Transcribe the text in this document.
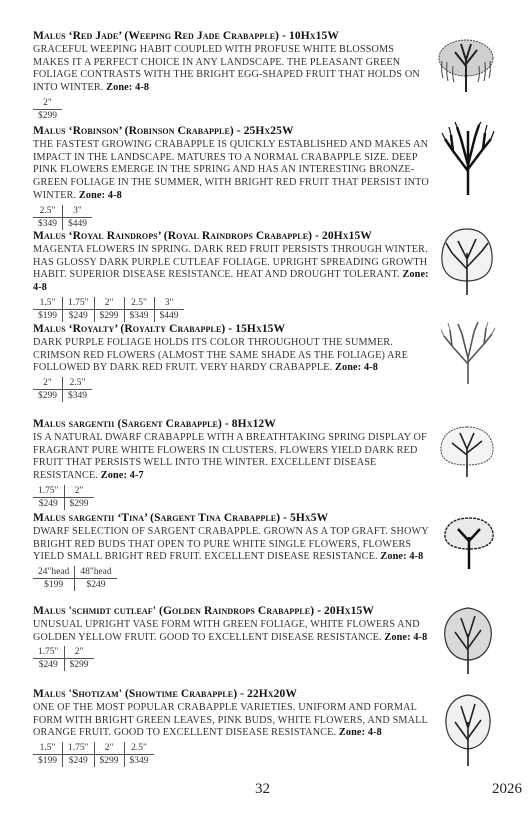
Malus ‘Red Jade’ (Weeping Red Jade Crabapple) - 10Hx15W
GRACEFUL WEEPING HABIT COUPLED WITH PROFUSE WHITE BLOSSOMS MAKES IT A PERFECT CHOICE IN ANY LANDSCAPE. THE PLEASANT GREEN FOLIAGE CONTRASTS WITH THE BRIGHT EGG-SHAPED FRUIT THAT HOLDS ON INTO WINTER. Zone: 4-8
2"
$299
Malus ‘Robinson’ (Robinson Crabapple) - 25Hx25W
THE FASTEST GROWING CRABAPPLE IS QUICKLY ESTABLISHED AND MAKES AN IMPACT IN THE LANDSCAPE. MATURES TO A NORMAL CRABAPPLE SIZE. DEEP PINK FLOWERS EMERGE IN THE SPRING AND HAS AN INTERESTING BRONZE-GREEN FOLIAGE IN THE SUMMER, WITH BRIGHT RED FRUIT THAT PERSIST INTO WINTER. Zone: 4-8
2.5"	3"
$349	$449
Malus ‘Royal Raindrops’ (Royal Raindrops Crabapple) - 20Hx15W
MAGENTA FLOWERS IN SPRING. DARK RED FRUIT PERSISTS THROUGH WINTER. HAS GLOSSY DARK PURPLE CUTLEAF FOLIAGE. UPRIGHT SPREADING GROWTH HABIT. SUPERIOR DISEASE RESISTANCE. HEAT AND DROUGHT TOLERANT. Zone: 4-8
1.5"	1.75"	2"	2.5"	3"
$199	$249	$299	$349	$449
Malus ‘Royalty’ (Royalty Crabapple) - 15Hx15W
DARK PURPLE FOLIAGE HOLDS ITS COLOR THROUGHOUT THE SUMMER. CRIMSON RED FLOWERS (ALMOST THE SAME SHADE AS THE FOLIAGE) ARE FOLLOWED BY DARK RED FRUIT. VERY HARDY CRABAPPLE. Zone: 4-8
2"	2.5"
$299	$349
Malus sargentii (Sargent Crabapple) - 8Hx12W
IS A NATURAL DWARF CRABAPPLE WITH A BREATHTAKING SPRING DISPLAY OF FRAGRANT PURE WHITE FLOWERS IN CLUSTERS. FLOWERS YIELD DARK RED FRUIT THAT PERSISTS WELL INTO THE WINTER. EXCELLENT DISEASE RESISTANCE. Zone: 4-7
1.75"	2"
$249	$299
Malus sargentii ‘Tina’ (Sargent Tina Crabapple) - 5Hx5W
DWARF SELECTION OF SARGENT CRABAPPLE. GROWN AS A TOP GRAFT. SHOWY BRIGHT RED BUDS THAT OPEN TO PURE WHITE SINGLE FLOWERS, FLOWERS YIELD SMALL BRIGHT RED FRUIT. EXCELLENT DISEASE RESISTANCE. Zone: 4-8
24"head	48"head
$199	$249
Malus 'schmidt cutleaf' (Golden Raindrops Crabapple) - 20Hx15W
UNUSUAL UPRIGHT VASE FORM WITH GREEN FOLIAGE, WHITE FLOWERS AND GOLDEN YELLOW FRUIT. GOOD TO EXCELLENT DISEASE RESISTANCE. Zone: 4-8
1.75"	2"
$249	$299
Malus 'Shotizam' (Showtime Crabapple) - 22Hx20W
ONE OF THE MOST POPULAR CRABAPPLE VARIETIES. UNIFORM AND FORMAL FORM WITH BRIGHT GREEN LEAVES, PINK BUDS, WHITE FLOWERS, AND SMALL ORANGE FRUIT. GOOD TO EXCELLENT DISEASE RESISTANCE. Zone: 4-8
1.5"	1.75"	2"	2.5"
$199	$249	$299	$349
32	2026
